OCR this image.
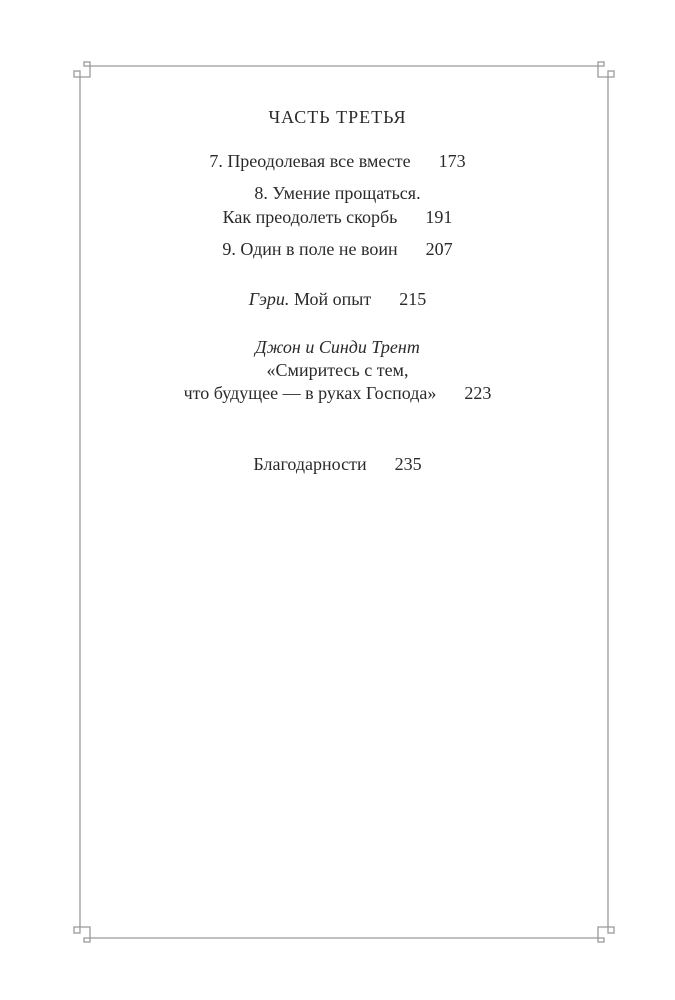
ЧАСТЬ ТРЕТЬЯ
7. Преодолевая все вместе 173
8. Умение прощаться.
Как преодолеть скорбь 191
9. Один в поле не воин 207
Гэри. Мой опыт 215
Джон и Синди Трент
«Смиритесь с тем,
что будущее — в руках Господа» 223
Благодарности 235
